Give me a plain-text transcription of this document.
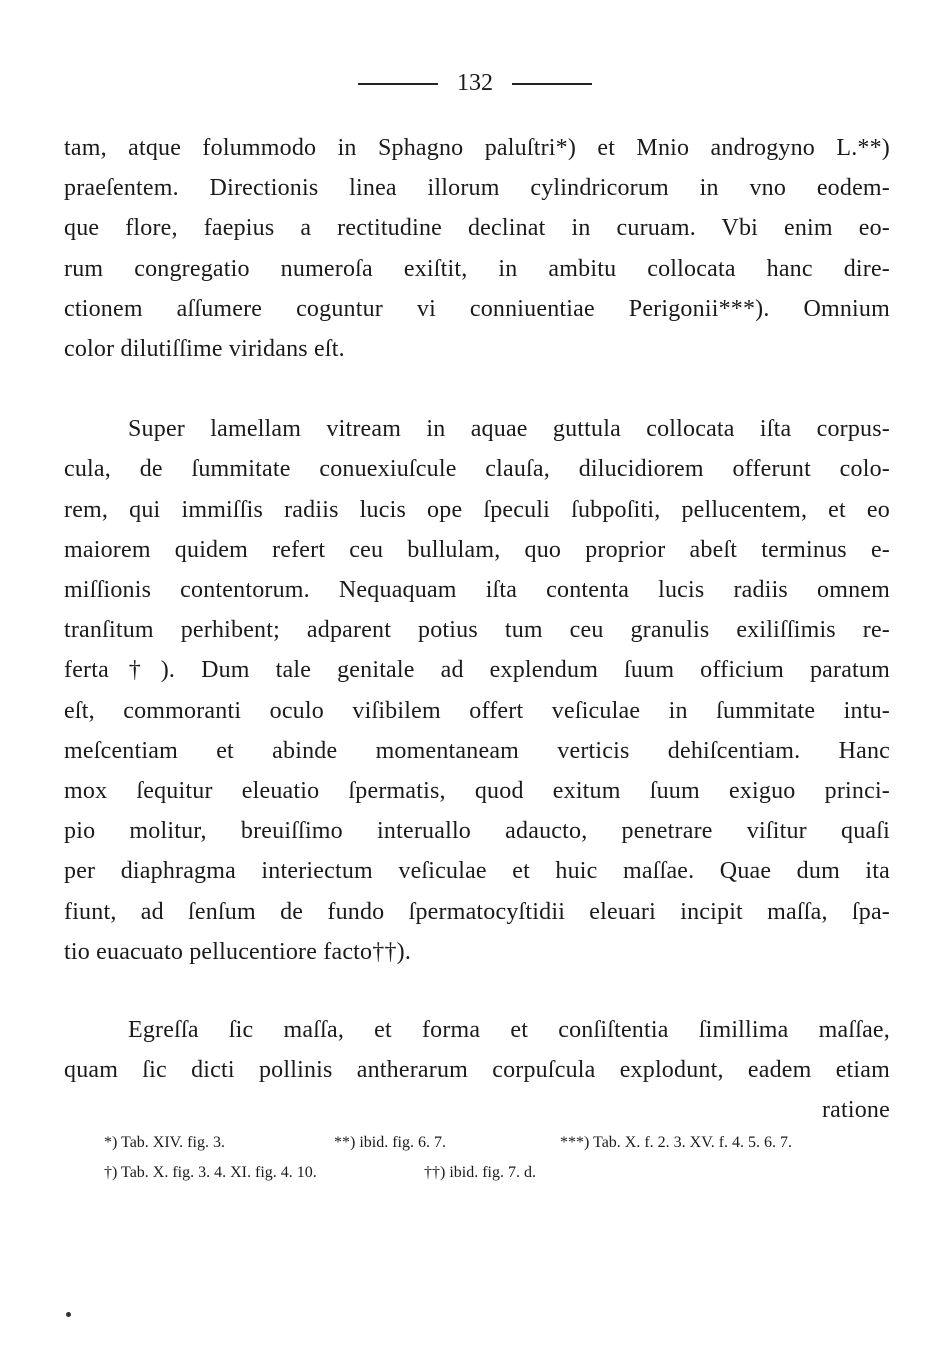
132
tam, atque folummodo in Sphagno paluſtri*) et Mnio androgyno L.**)
praeſentem. Directionis linea illorum cylindricorum in vno eodem-
que flore, faepius a rectitudine declinat in curuam. Vbi enim eo-
rum congregatio numeroſa exiſtit, in ambitu collocata hanc dire-
ctionem aſſumere coguntur vi conniuentiae Perigonii***). Omnium
color dilutiſſime viridans eſt.
Super lamellam vitream in aquae guttula collocata iſta corpus-
cula, de ſummitate conuexiuſcule clauſa, dilucidiorem offerunt colo-
rem, qui immiſſis radiis lucis ope ſpeculi ſubpoſiti, pellucentem, et eo
maiorem quidem refert ceu bullulam, quo proprior abeſt terminus e-
miſſionis contentorum. Nequaquam iſta contenta lucis radiis omnem
tranſitum perhibent; adparent potius tum ceu granulis exiliſſimis re-
ferta†). Dum tale genitale ad explendum ſuum officium paratum
eſt, commoranti oculo viſibilem offert veſiculae in ſummitate intu-
meſcentiam et abinde momentaneam verticis dehiſcentiam. Hanc
mox ſequitur eleuatio ſpermatis, quod exitum ſuum exiguo princi-
pio molitur, breuiſſimo interuallo adaucto, penetrare viſitur quaſi
per diaphragma interiectum veſiculae et huic maſſae. Quae dum ita
fiunt, ad ſenſum de fundo ſpermatocyſtidii eleuari incipit maſſa, ſpa-
tio euacuato pellucentiore facto††).
Egreſſa ſic maſſa, et forma et conſiſtentia ſimillima maſſae,
quam ſic dicti pollinis antherarum corpuſcula explodunt, eadem etiam
ratione
*) Tab. XIV. fig. 3.	**) ibid. fig. 6. 7.	***) Tab. X. f. 2. 3. XV. f. 4. 5. 6. 7.
†) Tab. X. fig. 3. 4. XI. fig. 4. 10.	††) ibid. fig. 7. d.
